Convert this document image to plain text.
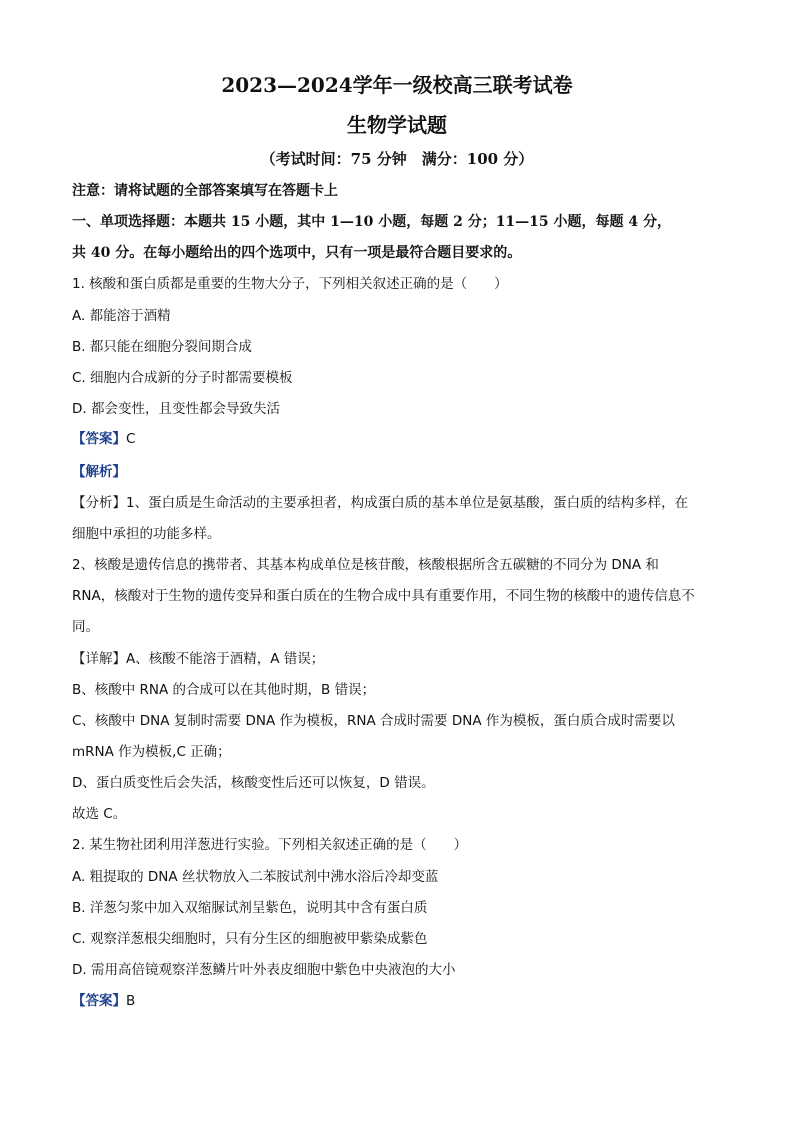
2023—2024学年一级校高三联考试卷
生物学试题
（考试时间：75 分钟　满分：100 分）
注意：请将试题的全部答案填写在答题卡上
一、单项选择题：本题共 15 小题，其中 1—10 小题，每题 2 分；11—15 小题，每题 4 分，
共 40 分。在每小题给出的四个选项中，只有一项是最符合题目要求的。
1. 核酸和蛋白质都是重要的生物大分子，下列相关叙述正确的是（　　）
A. 都能溶于酒精
B. 都只能在细胞分裂间期合成
C. 细胞内合成新的分子时都需要模板
D. 都会变性，且变性都会导致失活
【答案】C
【解析】
【分析】1、蛋白质是生命活动的主要承担者，构成蛋白质的基本单位是氨基酸，蛋白质的结构多样，在
细胞中承担的功能多样。
2、核酸是遗传信息的携带者、其基本构成单位是核苷酸，核酸根据所含五碳糖的不同分为 DNA 和
RNA，核酸对于生物的遗传变异和蛋白质在的生物合成中具有重要作用，不同生物的核酸中的遗传信息不
同。
【详解】A、核酸不能溶于酒精，A 错误；
B、核酸中 RNA 的合成可以在其他时期，B 错误；
C、核酸中 DNA 复制时需要 DNA 作为模板，RNA 合成时需要 DNA 作为模板，蛋白质合成时需要以
mRNA 作为模板,C 正确；
D、蛋白质变性后会失活，核酸变性后还可以恢复，D 错误。
故选 C。
2. 某生物社团利用洋葱进行实验。下列相关叙述正确的是（　　）
A. 粗提取的 DNA 丝状物放入二苯胺试剂中沸水浴后冷却变蓝
B. 洋葱匀浆中加入双缩脲试剂呈紫色，说明其中含有蛋白质
C. 观察洋葱根尖细胞时，只有分生区的细胞被甲紫染成紫色
D. 需用高倍镜观察洋葱鳞片叶外表皮细胞中紫色中央液泡的大小
【答案】B
